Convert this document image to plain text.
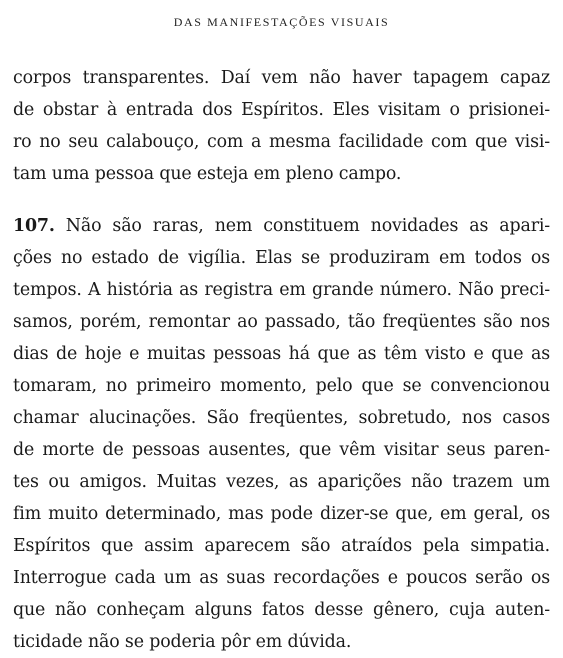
DAS MANIFESTAÇÕES VISUAIS
corpos transparentes. Daí vem não haver tapagem capaz
de obstar à entrada dos Espíritos. Eles visitam o prisionei-
ro no seu calabouço, com a mesma facilidade com que visi-
tam uma pessoa que esteja em pleno campo.
107. Não são raras, nem constituem novidades as apari-
ções no estado de vigília. Elas se produziram em todos os
tempos. A história as registra em grande número. Não preci-
samos, porém, remontar ao passado, tão freqüentes são nos
dias de hoje e muitas pessoas há que as têm visto e que as
tomaram, no primeiro momento, pelo que se convencionou
chamar alucinações. São freqüentes, sobretudo, nos casos
de morte de pessoas ausentes, que vêm visitar seus paren-
tes ou amigos. Muitas vezes, as aparições não trazem um
fim muito determinado, mas pode dizer-se que, em geral, os
Espíritos que assim aparecem são atraídos pela simpatia.
Interrogue cada um as suas recordações e poucos serão os
que não conheçam alguns fatos desse gênero, cuja auten-
ticidade não se poderia pôr em dúvida.
